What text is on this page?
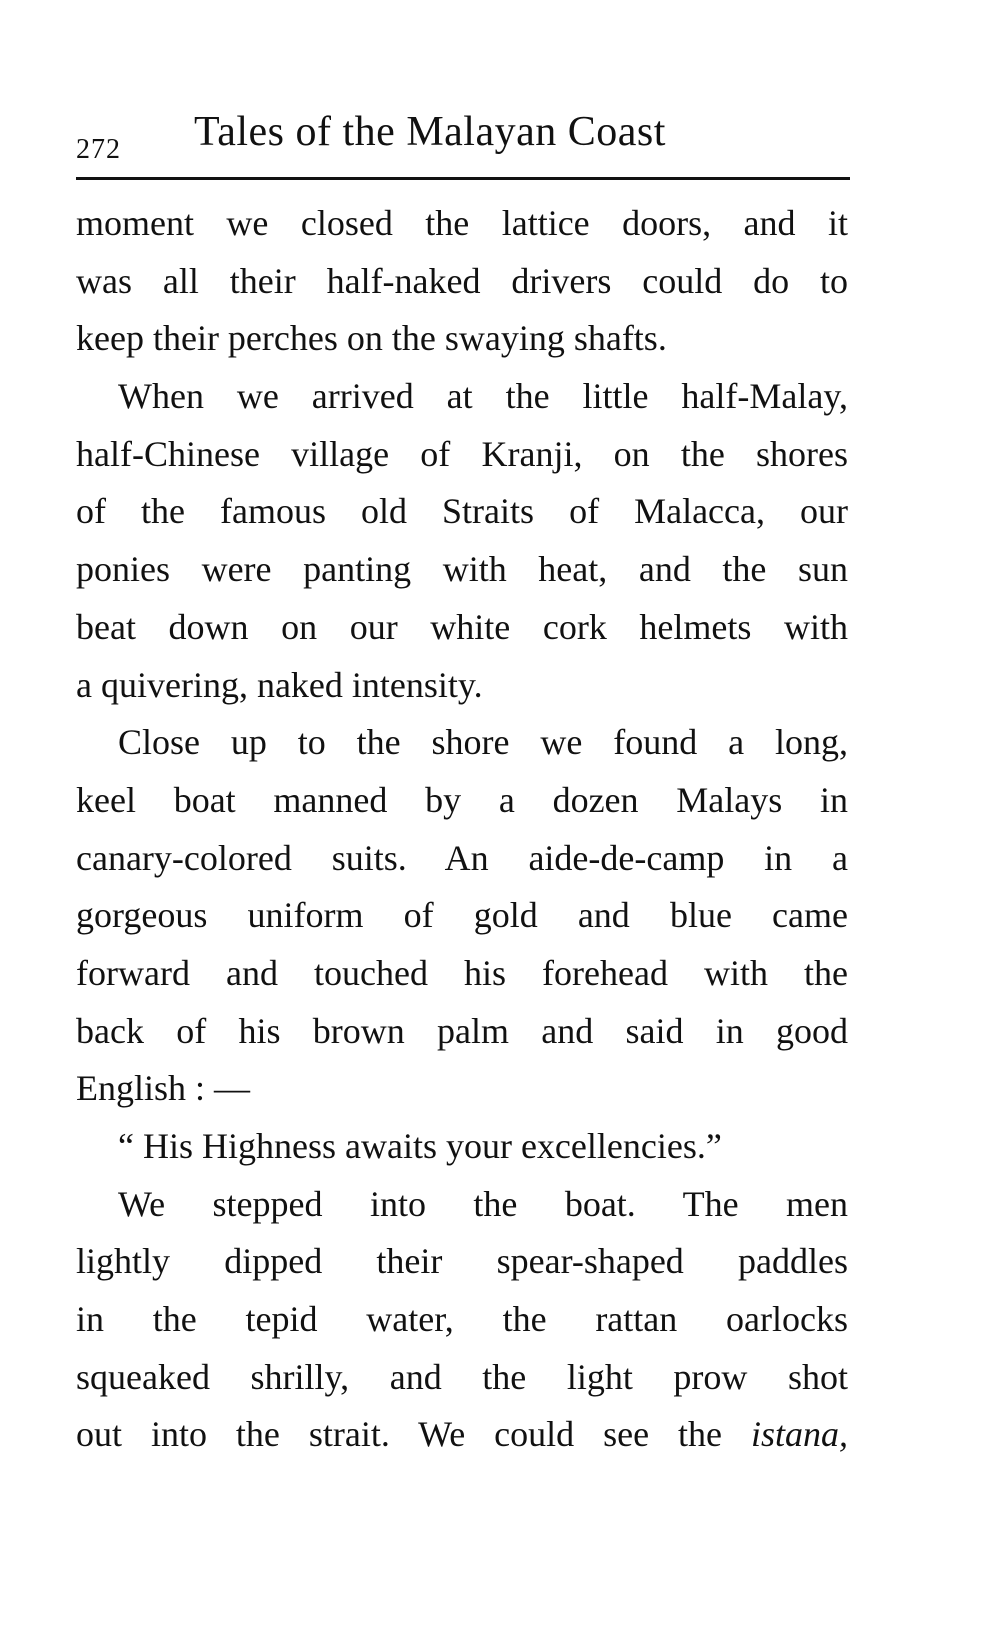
272 Tales of the Malayan Coast
moment we closed the lattice doors, and it
was all their half-naked drivers could do to
keep their perches on the swaying shafts.
When we arrived at the little half-Malay,
half-Chinese village of Kranji, on the shores
of the famous old Straits of Malacca, our
ponies were panting with heat, and the sun
beat down on our white cork helmets with
a quivering, naked intensity.
Close up to the shore we found a long,
keel boat manned by a dozen Malays in
canary-colored suits. An aide-de-camp in a
gorgeous uniform of gold and blue came
forward and touched his forehead with the
back of his brown palm and said in good
English : —
“ His Highness awaits your excellencies.”
We stepped into the boat. The men
lightly dipped their spear-shaped paddles
in the tepid water, the rattan oarlocks
squeaked shrilly, and the light prow shot
out into the strait. We could see the istana,
